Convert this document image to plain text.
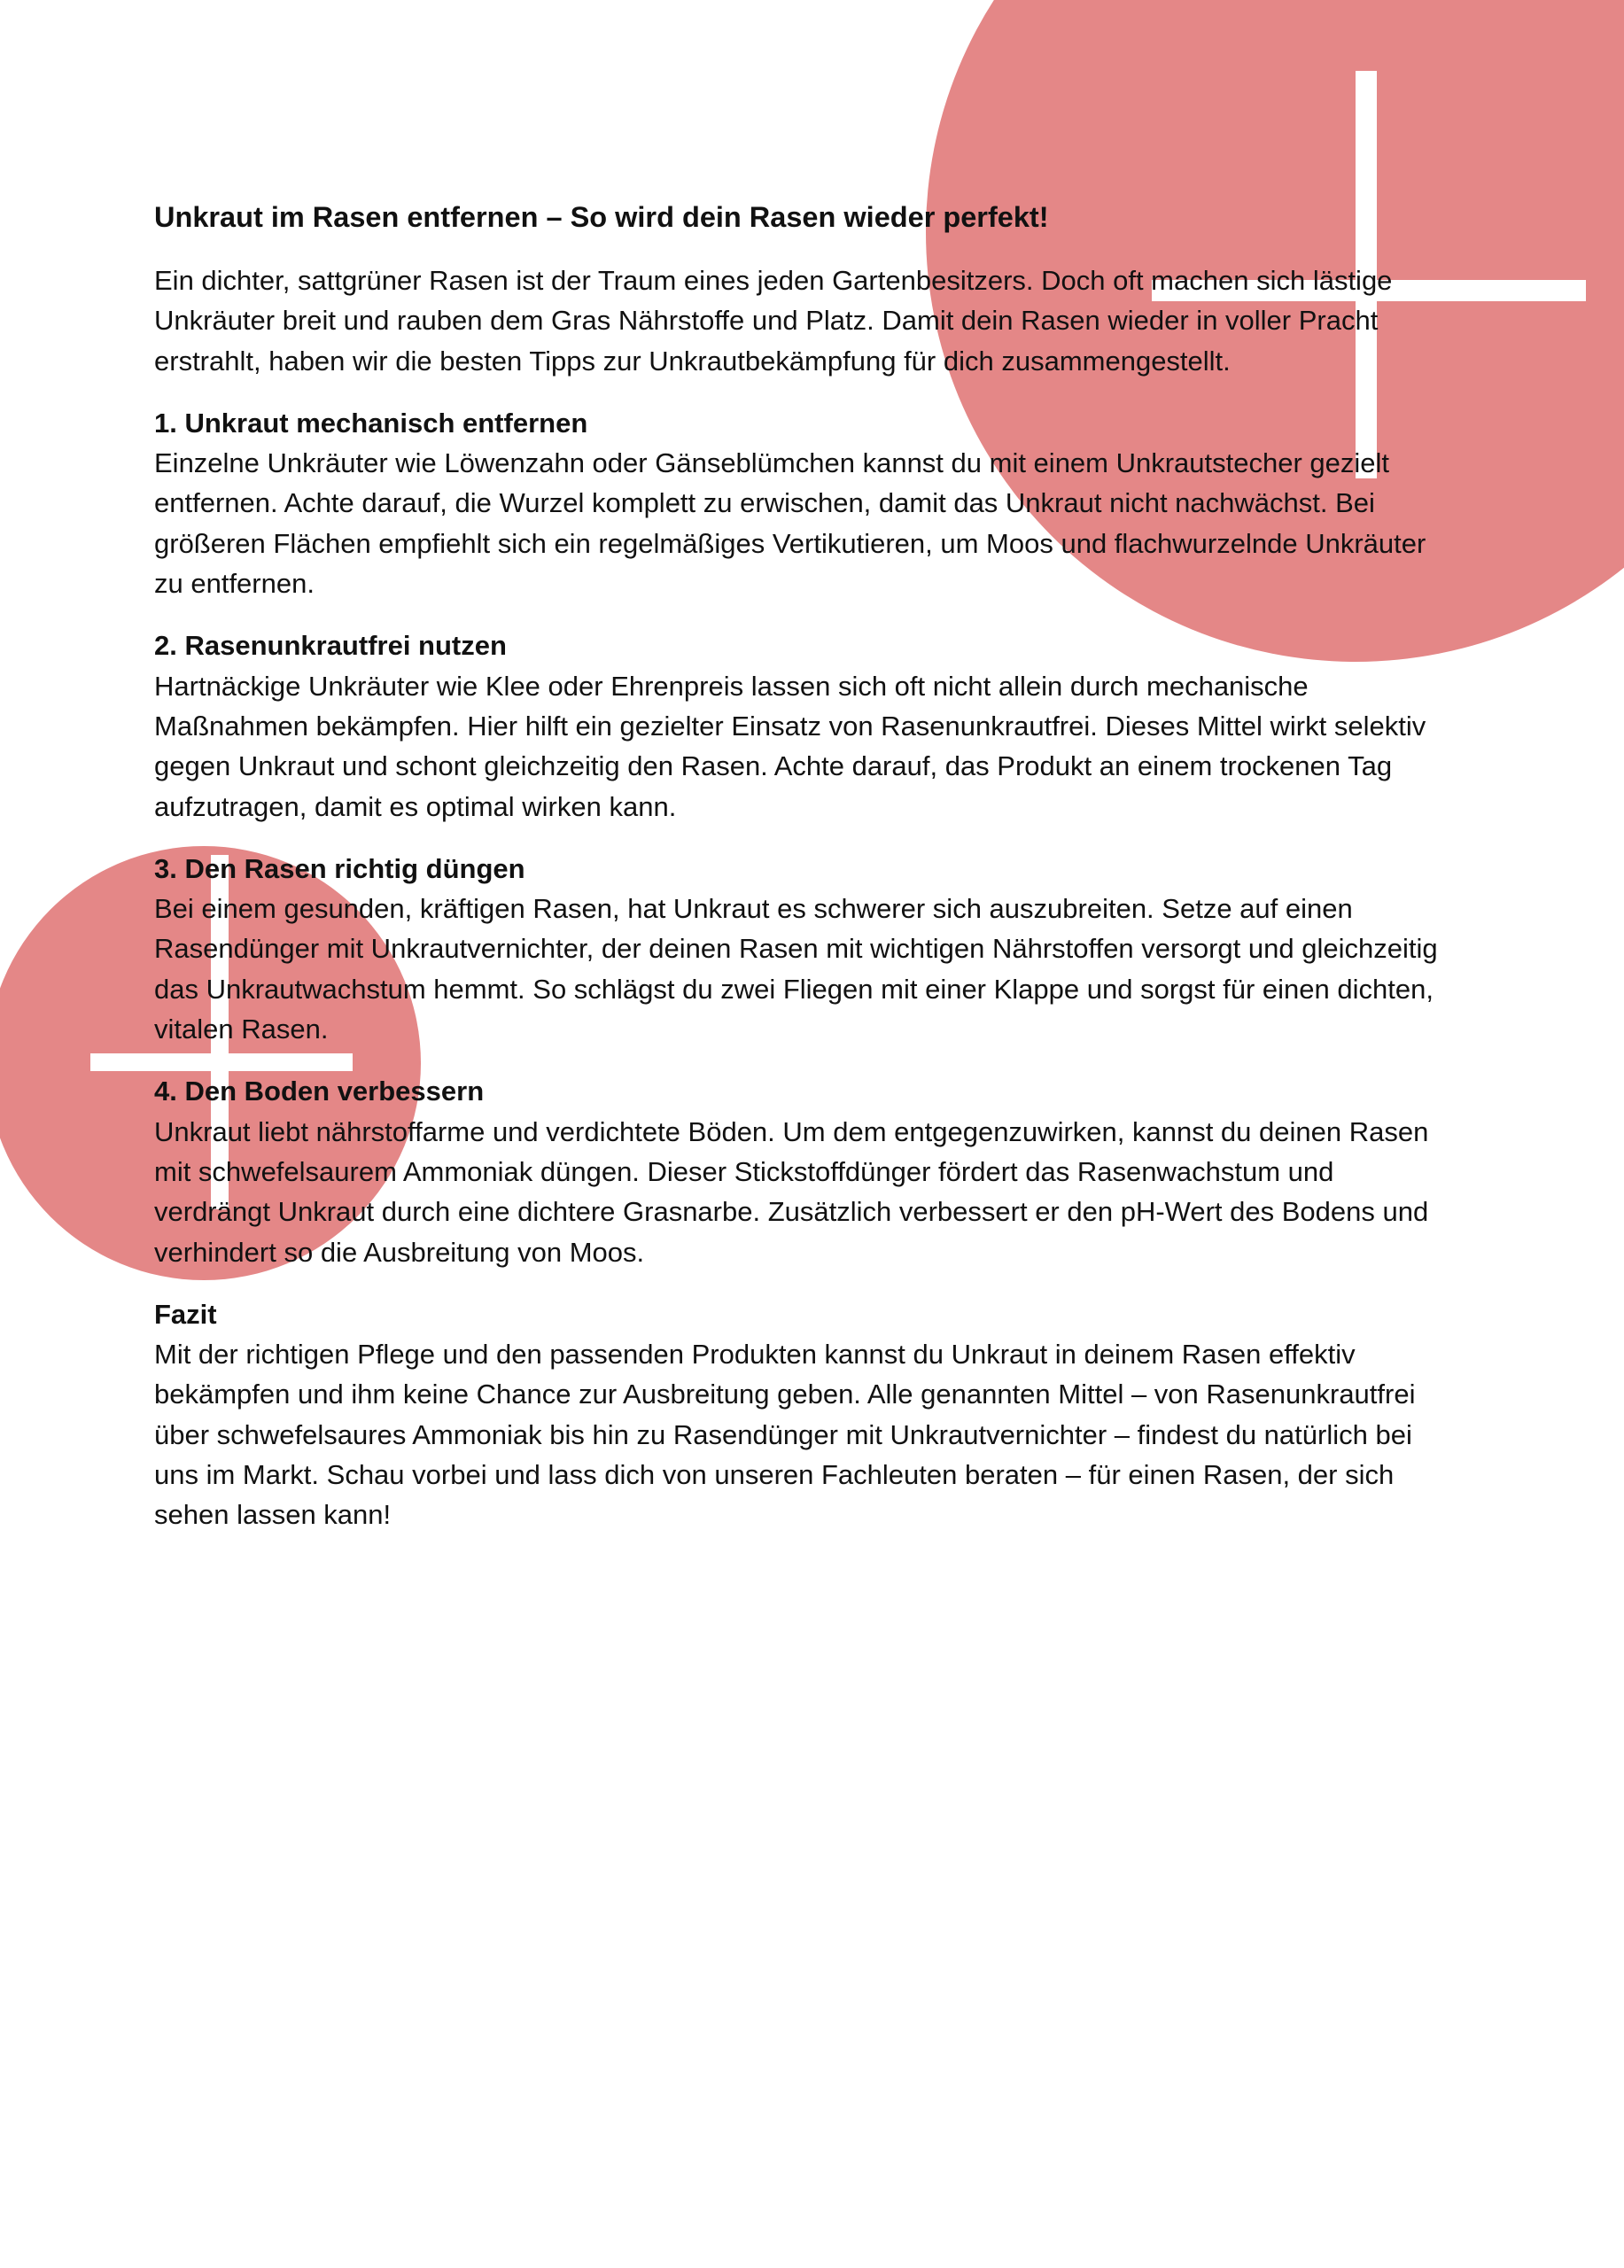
Unkraut im Rasen entfernen – So wird dein Rasen wieder perfekt!

Ein dichter, sattgrüner Rasen ist der Traum eines jeden Gartenbesitzers. Doch oft machen sich lästige Unkräuter breit und rauben dem Gras Nährstoffe und Platz. Damit dein Rasen wieder in voller Pracht erstrahlt, haben wir die besten Tipps zur Unkrautbekämpfung für dich zusammengestellt.

1. Unkraut mechanisch entfernen

Einzelne Unkräuter wie Löwenzahn oder Gänseblümchen kannst du mit einem Unkrautstecher gezielt entfernen. Achte darauf, die Wurzel komplett zu erwischen, damit das Unkraut nicht nachwächst. Bei größeren Flächen empfiehlt sich ein regelmäßiges Vertikutieren, um Moos und flachwurzelnde Unkräuter zu entfernen.

2. Rasenunkrautfrei nutzen

Hartnäckige Unkräuter wie Klee oder Ehrenpreis lassen sich oft nicht allein durch mechanische Maßnahmen bekämpfen. Hier hilft ein gezielter Einsatz von Rasenunkrautfrei. Dieses Mittel wirkt selektiv gegen Unkraut und schont gleichzeitig den Rasen. Achte darauf, das Produkt an einem trockenen Tag aufzutragen, damit es optimal wirken kann.

3. Den Rasen richtig düngen

Bei einem gesunden, kräftigen Rasen, hat Unkraut es schwerer sich auszubreiten. Setze auf einen Rasendünger mit Unkrautvernichter, der deinen Rasen mit wichtigen Nährstoffen versorgt und gleichzeitig das Unkrautwachstum hemmt. So schlägst du zwei Fliegen mit einer Klappe und sorgst für einen dichten, vitalen Rasen.

4. Den Boden verbessern

Unkraut liebt nährstoffarme und verdichtete Böden. Um dem entgegenzuwirken, kannst du deinen Rasen mit schwefelsaurem Ammoniak düngen. Dieser Stickstoffdünger fördert das Rasenwachstum und verdrängt Unkraut durch eine dichtere Grasnarbe. Zusätzlich verbessert er den pH-Wert des Bodens und verhindert so die Ausbreitung von Moos.

Fazit

Mit der richtigen Pflege und den passenden Produkten kannst du Unkraut in deinem Rasen effektiv bekämpfen und ihm keine Chance zur Ausbreitung geben. Alle genannten Mittel – von Rasenunkrautfrei über schwefelsaures Ammoniak bis hin zu Rasendünger mit Unkrautvernichter – findest du natürlich bei uns im Markt. Schau vorbei und lass dich von unseren Fachleuten beraten – für einen Rasen, der sich sehen lassen kann!
